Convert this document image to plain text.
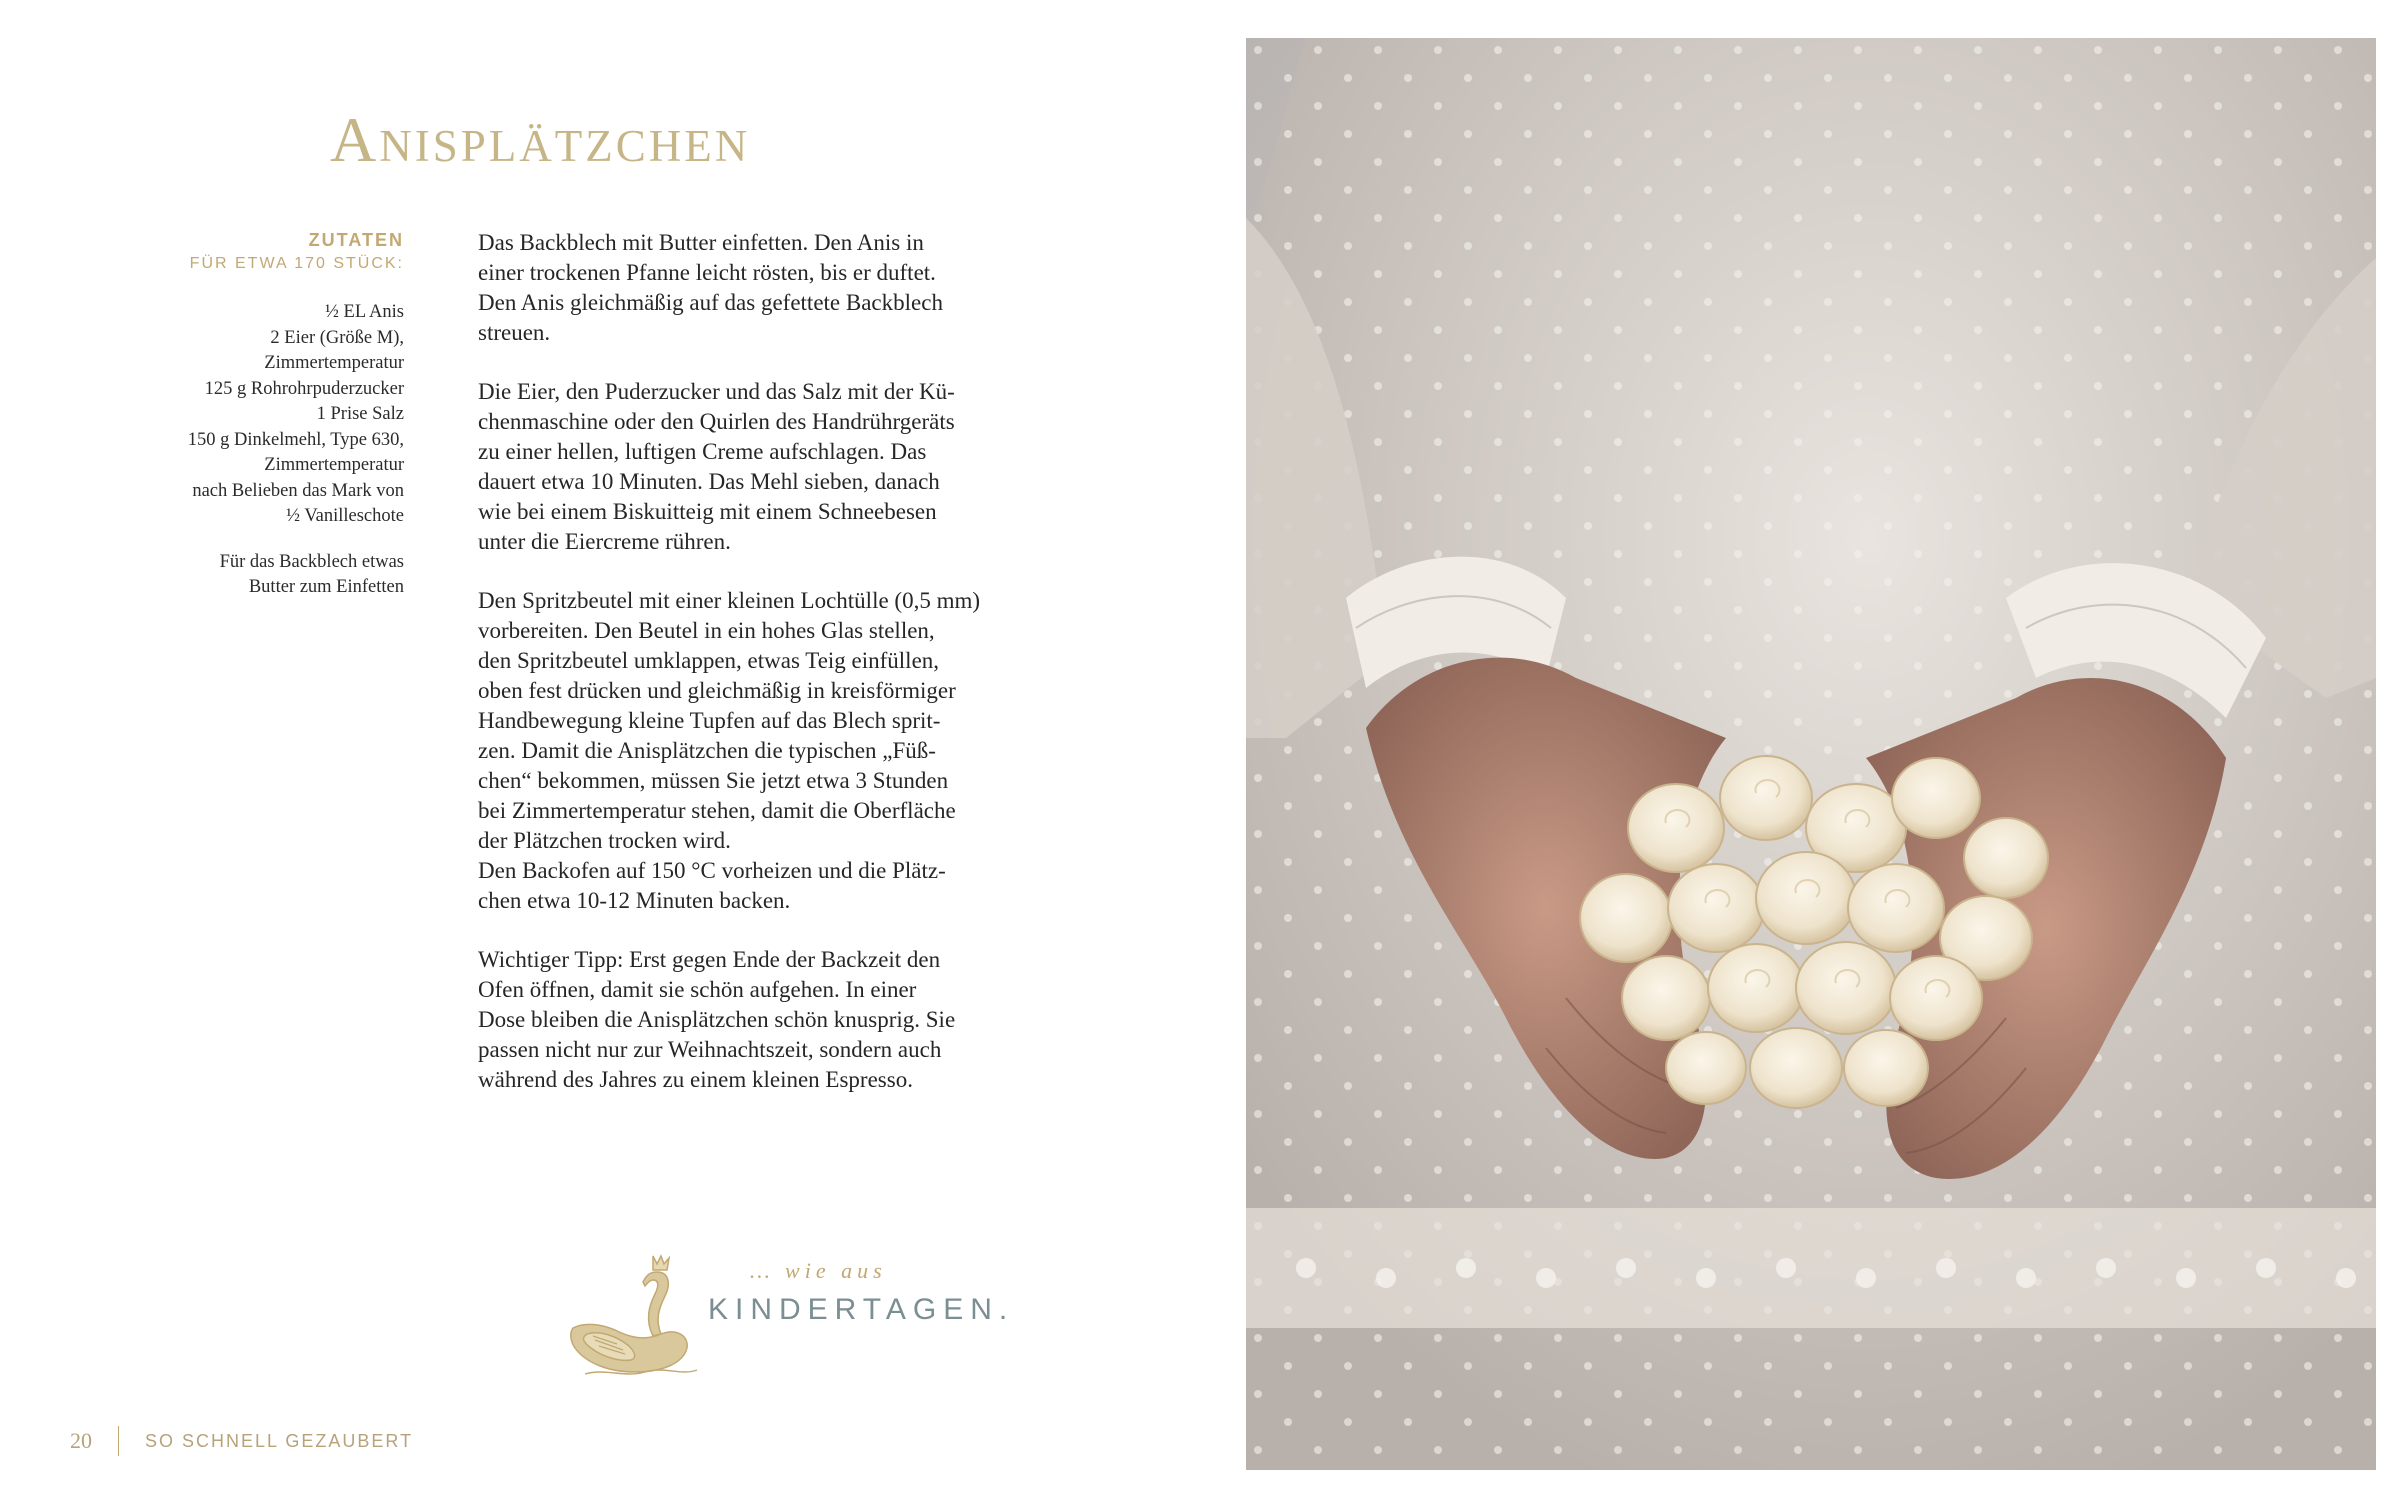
Anisplätzchen
ZUTATEN
FÜR ETWA 170 STÜCK:
½ EL Anis
2 Eier (Größe M),
Zimmertemperatur
125 g Rohrohrpuderzucker
1 Prise Salz
150 g Dinkelmehl, Type 630,
Zimmertemperatur
nach Belieben das Mark von
½ Vanilleschote
Für das Backblech etwas
Butter zum Einfetten

Das Backblech mit Butter einfetten. Den Anis in
einer trockenen Pfanne leicht rösten, bis er duftet.
Den Anis gleichmäßig auf das gefettete Backblech
streuen.

Die Eier, den Puderzucker und das Salz mit der Kü-
chenmaschine oder den Quirlen des Handrührgeräts
zu einer hellen, luftigen Creme aufschlagen. Das
dauert etwa 10 Minuten. Das Mehl sieben, danach
wie bei einem Biskuitteig mit einem Schneebesen
unter die Eiercreme rühren.

Den Spritzbeutel mit einer kleinen Lochtülle (0,5 mm)
vorbereiten. Den Beutel in ein hohes Glas stellen,
den Spritzbeutel umklappen, etwas Teig einfüllen,
oben fest drücken und gleichmäßig in kreisförmiger
Handbewegung kleine Tupfen auf das Blech sprit-
zen. Damit die Anisplätzchen die typischen „Füß-
chen“ bekommen, müssen Sie jetzt etwa 3 Stunden
bei Zimmertemperatur stehen, damit die Oberfläche
der Plätzchen trocken wird.
Den Backofen auf 150 °C vorheizen und die Plätz-
chen etwa 10-12 Minuten backen.

Wichtiger Tipp: Erst gegen Ende der Backzeit den
Ofen öffnen, damit sie schön aufgehen. In einer
Dose bleiben die Anisplätzchen schön knusprig. Sie
passen nicht nur zur Weihnachtszeit, sondern auch
während des Jahres zu einem kleinen Espresso.

… wie aus
KINDERTAGEN.
20	SO SCHNELL GEZAUBERT
